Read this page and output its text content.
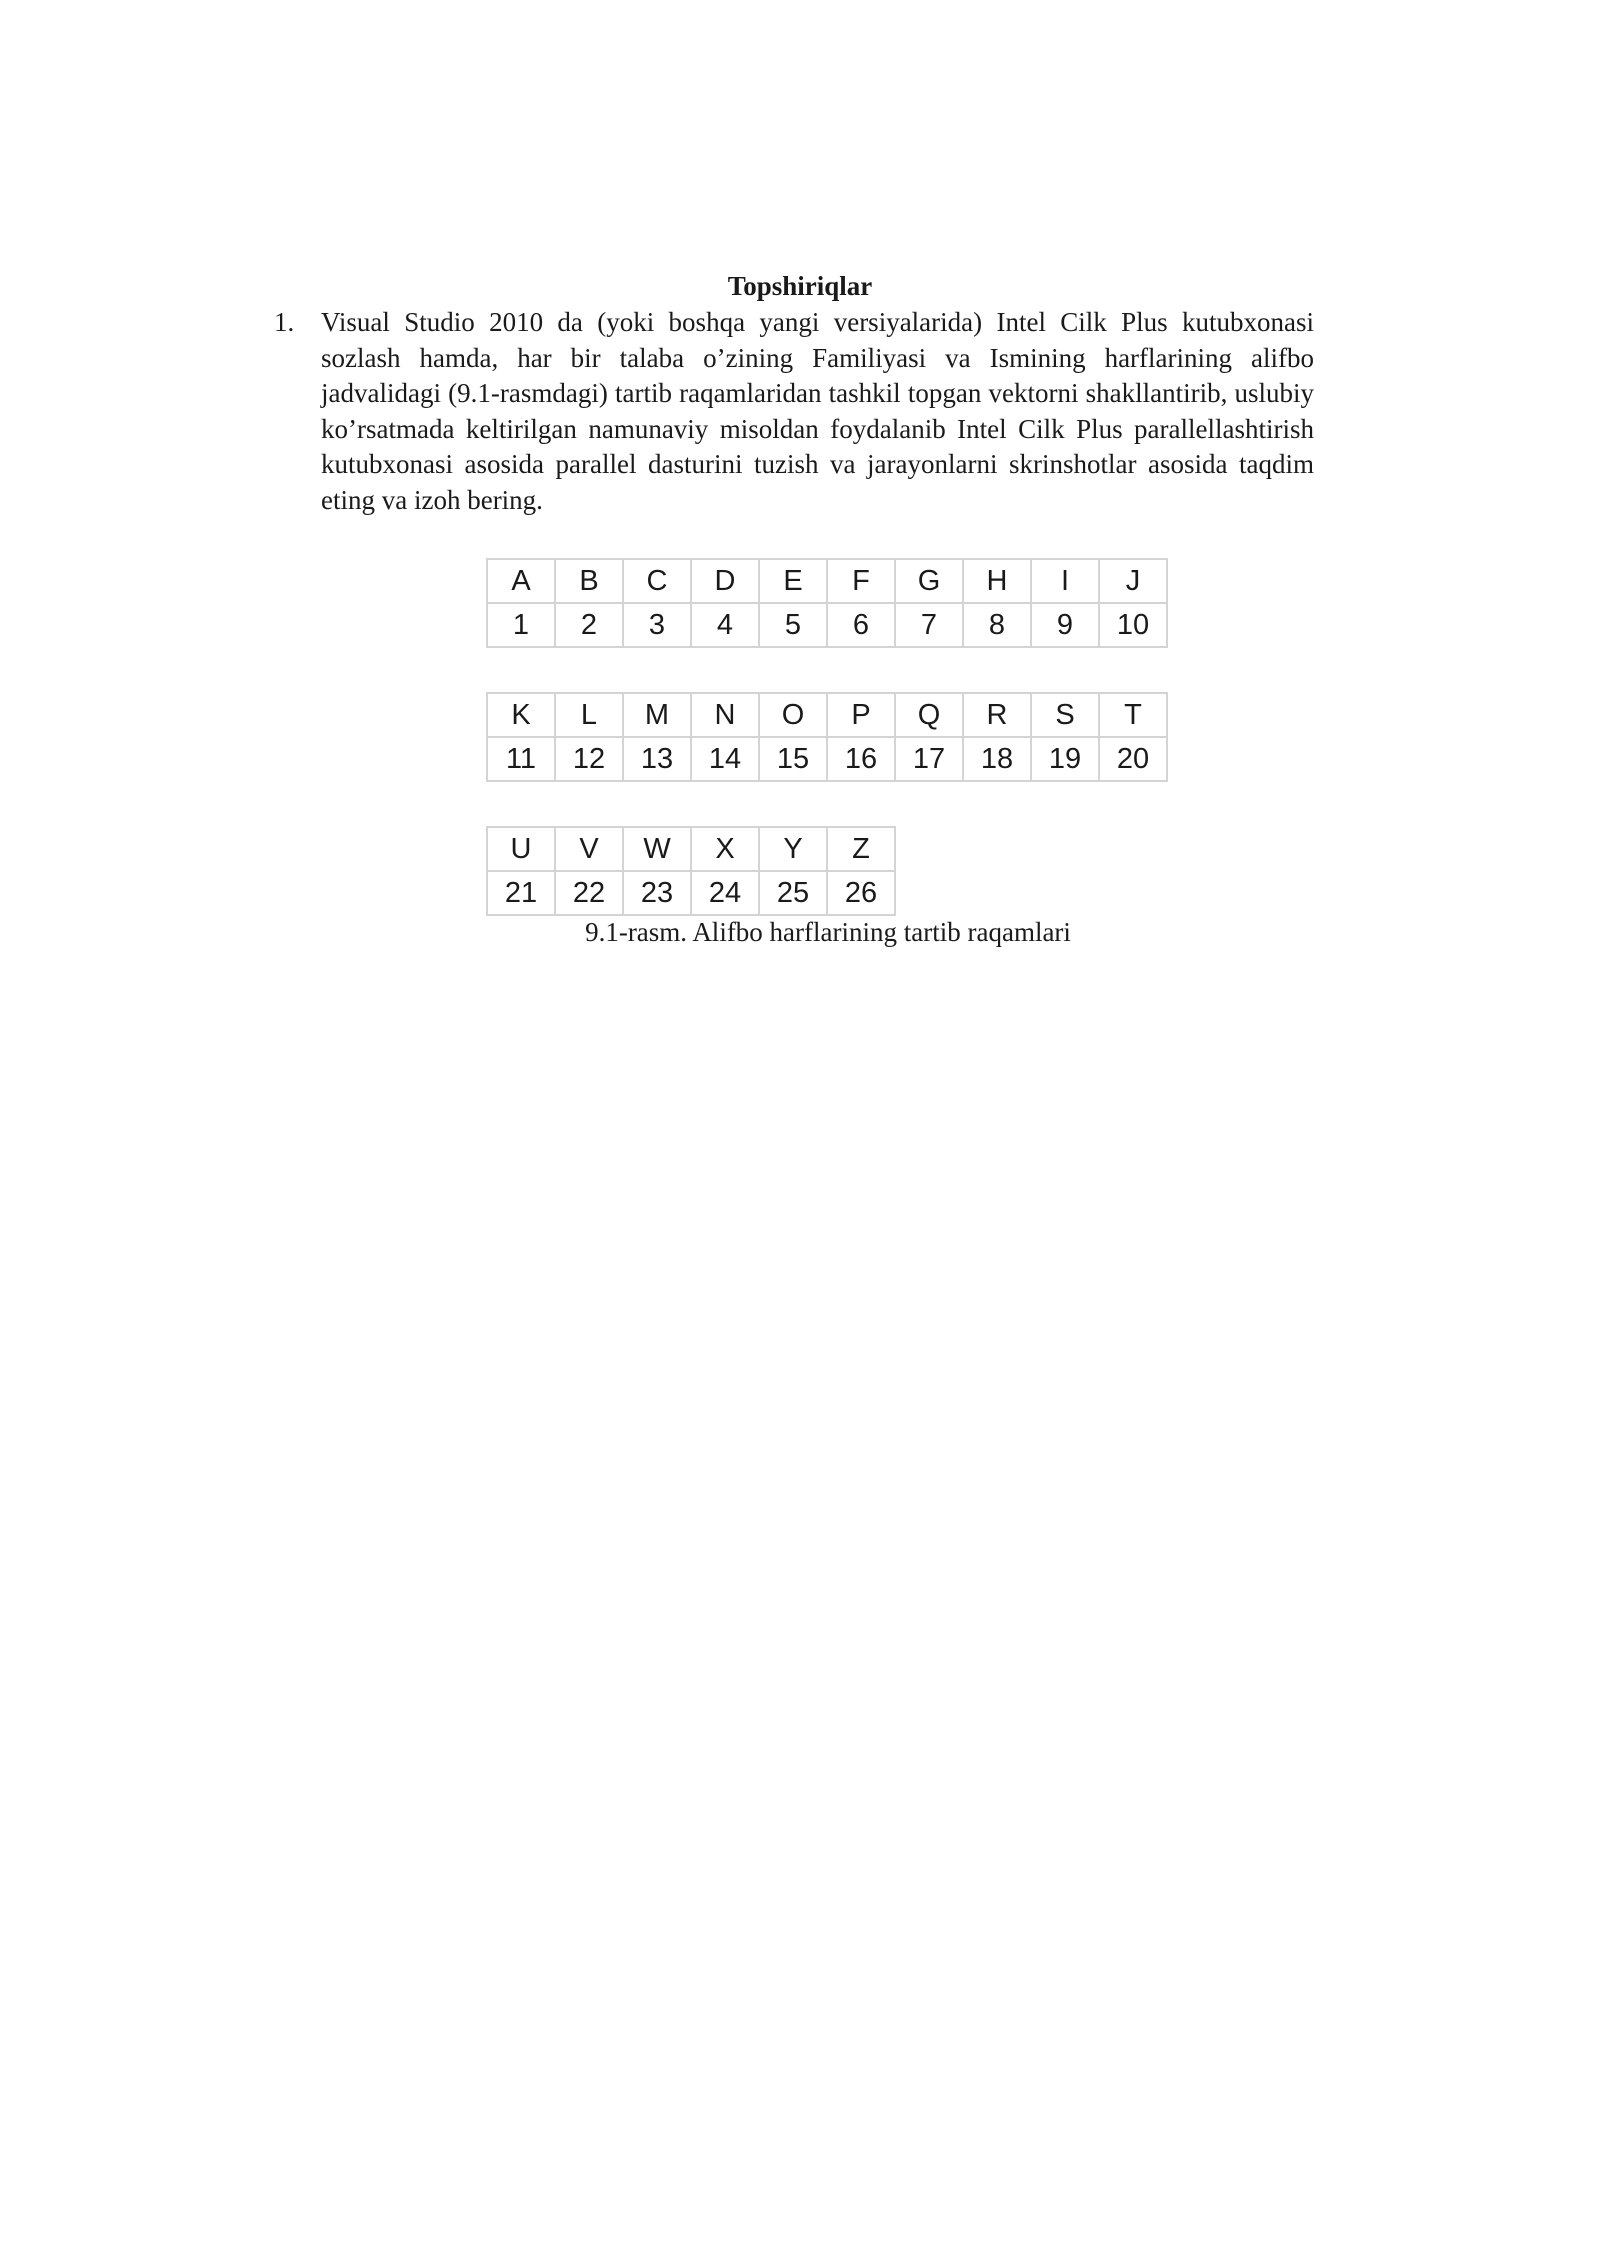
Topshiriqlar
1. Visual Studio 2010 da (yoki boshqa yangi versiyalarida) Intel Cilk Plus kutubxonasi sozlash hamda, har bir talaba o’zining Familiyasi va Ismining harflarining alifbo jadvalidagi (9.1-rasmdagi) tartib raqamlaridan tashkil topgan vektorni shakllantirib, uslubiy ko’rsatmada keltirilgan namunaviy misoldan foydalanib Intel Cilk Plus parallellashtirish kutubxonasi asosida parallel dasturini tuzish va jarayonlarni skrinshotlar asosida taqdim eting va izoh bering.
A	B	C	D	E	F	G	H	I	J
1	2	3	4	5	6	7	8	9	10
K	L	M	N	O	P	Q	R	S	T
11	12	13	14	15	16	17	18	19	20
U	V	W	X	Y	Z
21	22	23	24	25	26
9.1-rasm. Alifbo harflarining tartib raqamlari
